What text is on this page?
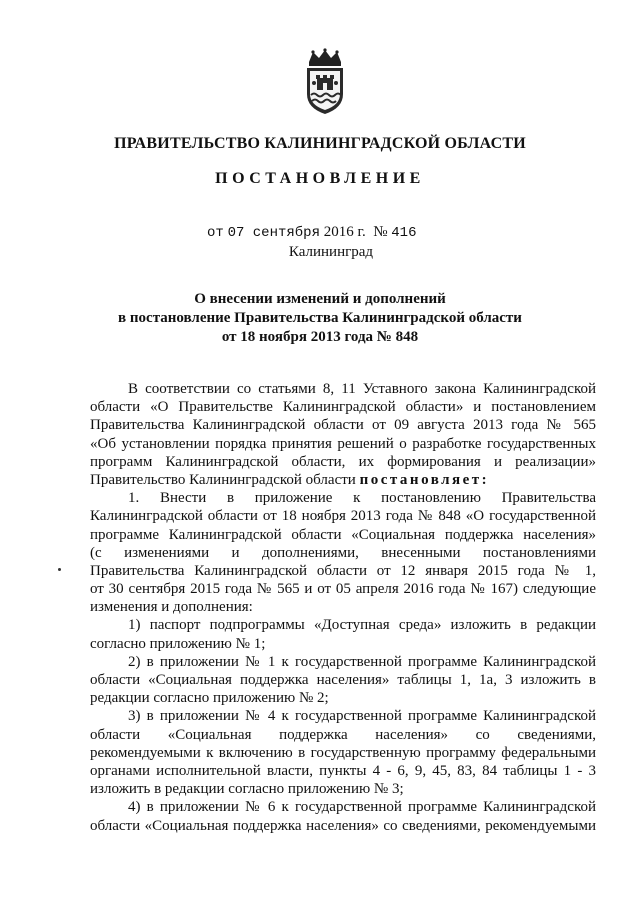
ПРАВИТЕЛЬСТВО КАЛИНИНГРАДСКОЙ ОБЛАСТИ
ПОСТАНОВЛЕНИЕ
от 07 сентября 2016 г. № 416
Калининград
О внесении изменений и дополнений
в постановление Правительства Калининградской области
от 18 ноября 2013 года № 848
В соответствии со статьями 8, 11 Уставного закона Калининградской
области «О Правительстве Калининградской области» и постановлением
Правительства Калининградской области от 09 августа 2013 года № 565
«Об установлении порядка принятия решений о разработке государственных
программ Калининградской области, их формирования и реализации»
Правительство Калининградской области постановляет:
1. Внести в приложение к постановлению Правительства
Калининградской области от 18 ноября 2013 года № 848 «О государственной
программе Калининградской области «Социальная поддержка населения»
(с изменениями и дополнениями, внесенными постановлениями
Правительства Калининградской области от 12 января 2015 года № 1,
от 30 сентября 2015 года № 565 и от 05 апреля 2016 года № 167) следующие
изменения и дополнения:
1) паспорт подпрограммы «Доступная среда» изложить в редакции
согласно приложению № 1;
2) в приложении № 1 к государственной программе Калининградской
области «Социальная поддержка населения» таблицы 1, 1а, 3 изложить в
редакции согласно приложению № 2;
3) в приложении № 4 к государственной программе Калининградской
области «Социальная поддержка населения» со сведениями,
рекомендуемыми к включению в государственную программу федеральными
органами исполнительной власти, пункты 4 - 6, 9, 45, 83, 84 таблицы 1 - 3
изложить в редакции согласно приложению № 3;
4) в приложении № 6 к государственной программе Калининградской
области «Социальная поддержка населения» со сведениями, рекомендуемыми
